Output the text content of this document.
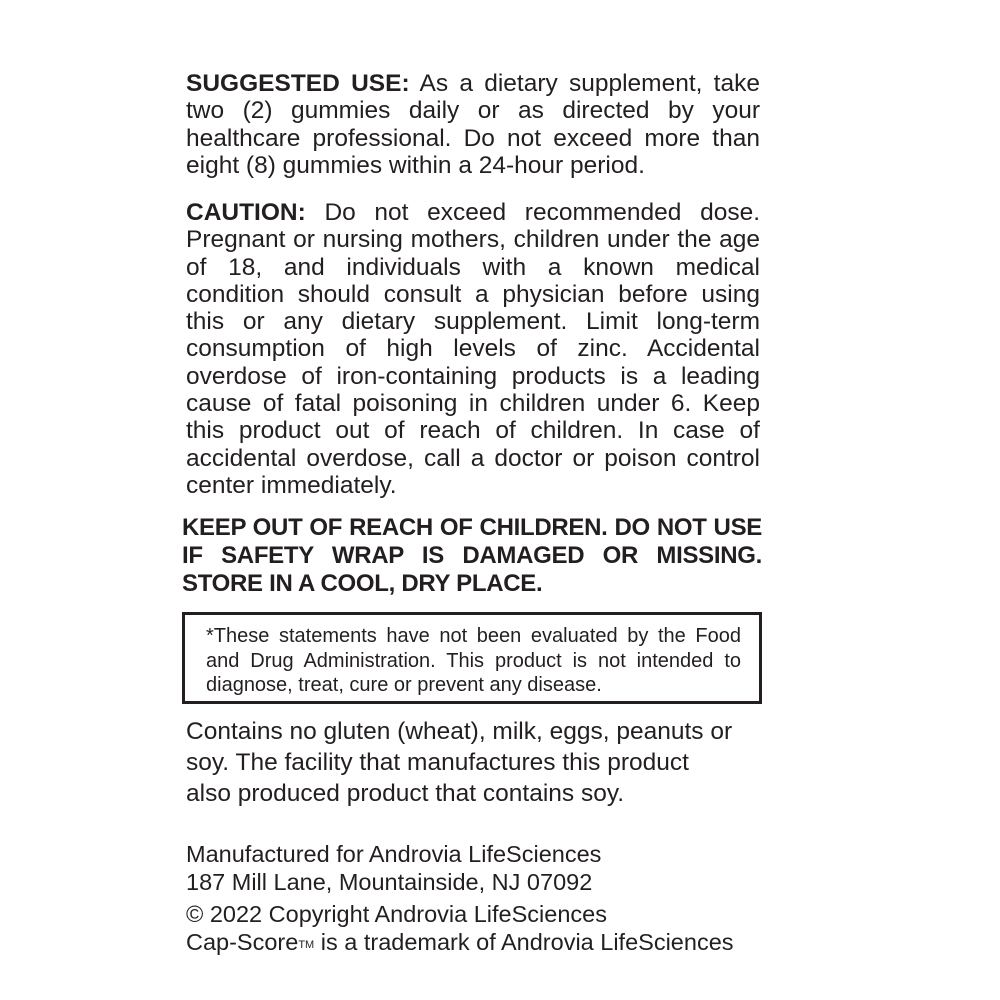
SUGGESTED USE: As a dietary supplement, take two (2) gummies daily or as directed by your healthcare professional. Do not exceed more than eight (8) gummies within a 24-hour period.

CAUTION: Do not exceed recommended dose. Pregnant or nursing mothers, children under the age of 18, and individuals with a known medical condition should consult a physician before using this or any dietary supplement. Limit long-term consumption of high levels of zinc. Accidental overdose of iron-containing products is a leading cause of fatal poisoning in children under 6. Keep this product out of reach of children. In case of accidental overdose, call a doctor or poison control center immediately.

KEEP OUT OF REACH OF CHILDREN. DO NOT USE IF SAFETY WRAP IS DAMAGED OR MISSING. STORE IN A COOL, DRY PLACE.

*These statements have not been evaluated by the Food and Drug Administration. This product is not intended to diagnose, treat, cure or prevent any disease.

Contains no gluten (wheat), milk, eggs, peanuts or
soy. The facility that manufactures this product
also produced product that contains soy.
Manufactured for Androvia LifeSciences
187 Mill Lane, Mountainside, NJ 07092
© 2022 Copyright Androvia LifeSciences
Cap-ScoreTM is a trademark of Androvia LifeSciences
